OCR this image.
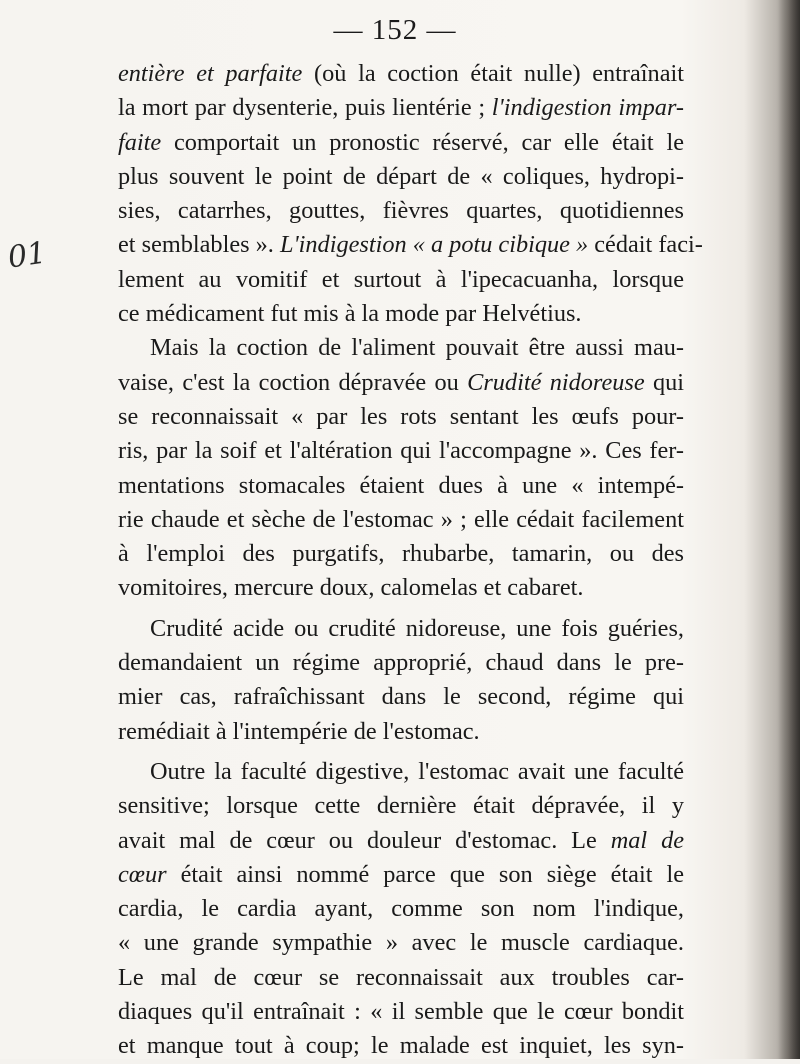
— 152 —
01
entière et parfaite (où la coction était nulle) entraînait
la mort par dysenterie, puis lientérie ; l'indigestion impar-
faite comportait un pronostic réservé, car elle était le
plus souvent le point de départ de « coliques, hydropi-
sies, catarrhes, gouttes, fièvres quartes, quotidiennes
et semblables ». L'indigestion « a potu cibique » cédait faci-
lement au vomitif et surtout à l'ipecacuanha, lorsque
ce médicament fut mis à la mode par Helvétius.
Mais la coction de l'aliment pouvait être aussi mau-
vaise, c'est la coction dépravée ou Crudité nidoreuse qui
se reconnaissait « par les rots sentant les œufs pour-
ris, par la soif et l'altération qui l'accompagne ». Ces fer-
mentations stomacales étaient dues à une « intempé-
rie chaude et sèche de l'estomac » ; elle cédait facilement
à l'emploi des purgatifs, rhubarbe, tamarin, ou des
vomitoires, mercure doux, calomelas et cabaret.
Crudité acide ou crudité nidoreuse, une fois guéries,
demandaient un régime approprié, chaud dans le pre-
mier cas, rafraîchissant dans le second, régime qui
remédiait à l'intempérie de l'estomac.
Outre la faculté digestive, l'estomac avait une faculté
sensitive; lorsque cette dernière était dépravée, il y
avait mal de cœur ou douleur d'estomac. Le mal de
cœur était ainsi nommé parce que son siège était le
cardia, le cardia ayant, comme son nom l'indique,
« une grande sympathie » avec le muscle cardiaque.
Le mal de cœur se reconnaissait aux troubles car-
diaques qu'il entraînait : « il semble que le cœur bondit
et manque tout à coup; le malade est inquiet, les syn-
